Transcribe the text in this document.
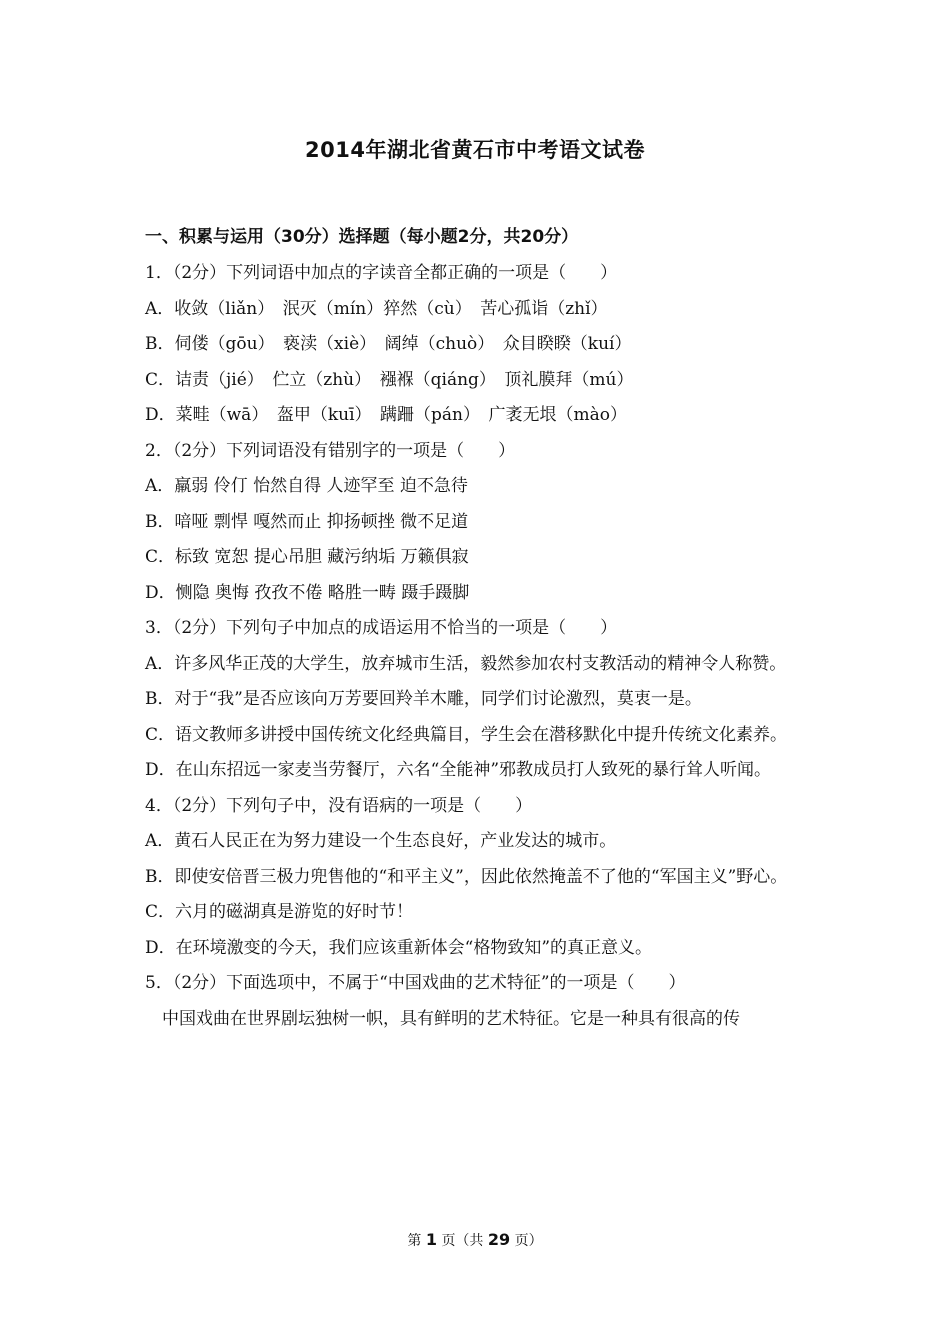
2014年湖北省黄石市中考语文试卷
一、积累与运用（30分）选择题（每小题2分，共20分）
1．（2分）下列词语中加点的字读音全都正确的一项是（　　）
A．收敛（liǎn）　泯灭（mín）猝然（cù）　苦心孤诣（zhǐ）
B．伺偻（gōu）　亵渎（xiè）　阔绰（chuò）　众目睽睽（kuí）
C．诘责（jié）　伫立（zhù）　襁褓（qiáng）　顶礼膜拜（mú）
D．菜畦（wā）　盔甲（kuī）　蹒跚（pán）　广袤无垠（mào）
2．（2分）下列词语没有错别字的一项是（　　）
A．羸弱 伶仃 怡然自得 人迹罕至 迫不急待
B．喑哑 剽悍 嘎然而止 抑扬顿挫 微不足道
C．标致 宽恕 提心吊胆 藏污纳垢 万籁俱寂
D．恻隐 奥悔 孜孜不倦 略胜一畴 蹑手蹑脚
3．（2分）下列句子中加点的成语运用不恰当的一项是（　　）
A．许多风华正茂的大学生，放弃城市生活，毅然参加农村支教活动的精神令人称赞。
B．对于“我”是否应该向万芳要回羚羊木雕，同学们讨论激烈，莫衷一是。
C．语文教师多讲授中国传统文化经典篇目，学生会在潜移默化中提升传统文化素养。
D．在山东招远一家麦当劳餐厅，六名“全能神”邪教成员打人致死的暴行耸人听闻。
4．（2分）下列句子中，没有语病的一项是（　　）
A．黄石人民正在为努力建设一个生态良好，产业发达的城市。
B．即使安倍晋三极力兜售他的“和平主义”，因此依然掩盖不了他的“军国主义”野心。
C．六月的磁湖真是游览的好时节！
D．在环境激变的今天，我们应该重新体会“格物致知”的真正意义。
5．（2分）下面选项中，不属于“中国戏曲的艺术特征”的一项是（　　）
中国戏曲在世界剧坛独树一帜，具有鲜明的艺术特征。它是一种具有很高的传
第 1 页（共 29 页）
